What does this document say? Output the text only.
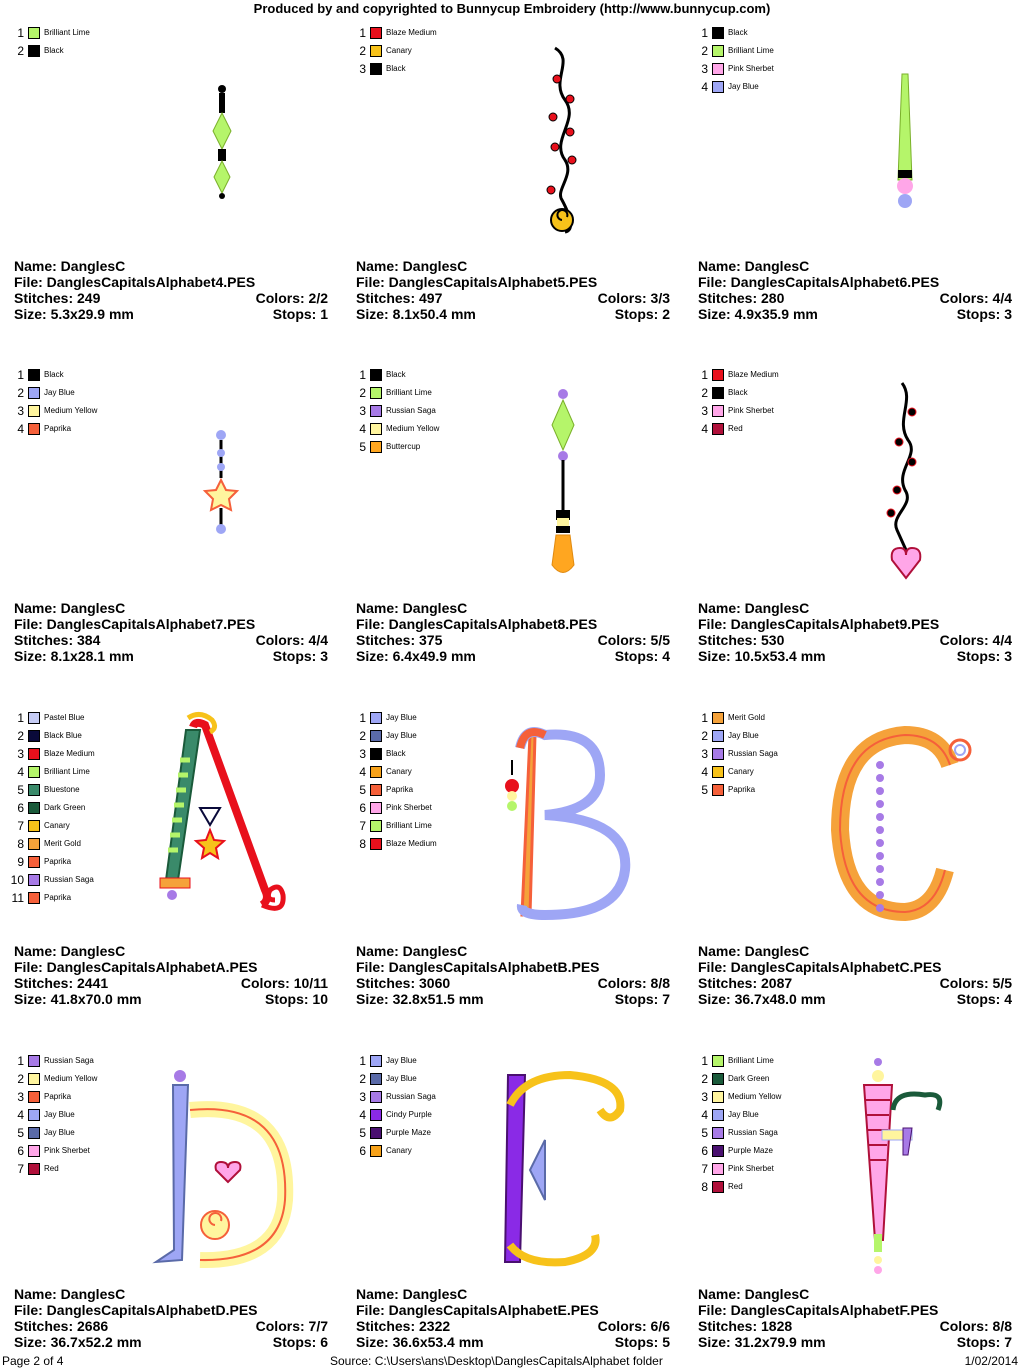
Produced by and copyrighted to Bunnycup Embroidery (http://www.bunnycup.com)
1	Brilliant Lime
2	Black
Name: DanglesC
File: DanglesCapitalsAlphabet4.PES
Stitches: 249	Colors: 2/2
Size: 5.3x29.9 mm	Stops: 1
1	Blaze Medium
2	Canary
3	Black
Name: DanglesC
File: DanglesCapitalsAlphabet5.PES
Stitches: 497	Colors: 3/3
Size: 8.1x50.4 mm	Stops: 2
1	Black
2	Brilliant Lime
3	Pink Sherbet
4	Jay Blue
Name: DanglesC
File: DanglesCapitalsAlphabet6.PES
Stitches: 280	Colors: 4/4
Size: 4.9x35.9 mm	Stops: 3
1	Black
2	Jay Blue
3	Medium Yellow
4	Paprika
Name: DanglesC
File: DanglesCapitalsAlphabet7.PES
Stitches: 384	Colors: 4/4
Size: 8.1x28.1 mm	Stops: 3
1	Black
2	Brilliant Lime
3	Russian Saga
4	Medium Yellow
5	Buttercup
Name: DanglesC
File: DanglesCapitalsAlphabet8.PES
Stitches: 375	Colors: 5/5
Size: 6.4x49.9 mm	Stops: 4
1	Blaze Medium
2	Black
3	Pink Sherbet
4	Red
Name: DanglesC
File: DanglesCapitalsAlphabet9.PES
Stitches: 530	Colors: 4/4
Size: 10.5x53.4 mm	Stops: 3
1	Pastel Blue
2	Black Blue
3	Blaze Medium
4	Brilliant Lime
5	Bluestone
6	Dark Green
7	Canary
8	Merit Gold
9	Paprika
10	Russian Saga
11	Paprika
Name: DanglesC
File: DanglesCapitalsAlphabetA.PES
Stitches: 2441	Colors: 10/11
Size: 41.8x70.0 mm	Stops: 10
1	Jay Blue
2	Jay Blue
3	Black
4	Canary
5	Paprika
6	Pink Sherbet
7	Brilliant Lime
8	Blaze Medium
Name: DanglesC
File: DanglesCapitalsAlphabetB.PES
Stitches: 3060	Colors: 8/8
Size: 32.8x51.5 mm	Stops: 7
1	Merit Gold
2	Jay Blue
3	Russian Saga
4	Canary
5	Paprika
Name: DanglesC
File: DanglesCapitalsAlphabetC.PES
Stitches: 2087	Colors: 5/5
Size: 36.7x48.0 mm	Stops: 4
1	Russian Saga
2	Medium Yellow
3	Paprika
4	Jay Blue
5	Jay Blue
6	Pink Sherbet
7	Red
Name: DanglesC
File: DanglesCapitalsAlphabetD.PES
Stitches: 2686	Colors: 7/7
Size: 36.7x52.2 mm	Stops: 6
1	Jay Blue
2	Jay Blue
3	Russian Saga
4	Cindy Purple
5	Purple Maze
6	Canary
Name: DanglesC
File: DanglesCapitalsAlphabetE.PES
Stitches: 2322	Colors: 6/6
Size: 36.6x53.4 mm	Stops: 5
1	Brilliant Lime
2	Dark Green
3	Medium Yellow
4	Jay Blue
5	Russian Saga
6	Purple Maze
7	Pink Sherbet
8	Red
Name: DanglesC
File: DanglesCapitalsAlphabetF.PES
Stitches: 1828	Colors: 8/8
Size: 31.2x79.9 mm	Stops: 7
Page 2 of 4	Source: C:\Users\ans\Desktop\DanglesCapitalsAlphabet folder	1/02/2014
